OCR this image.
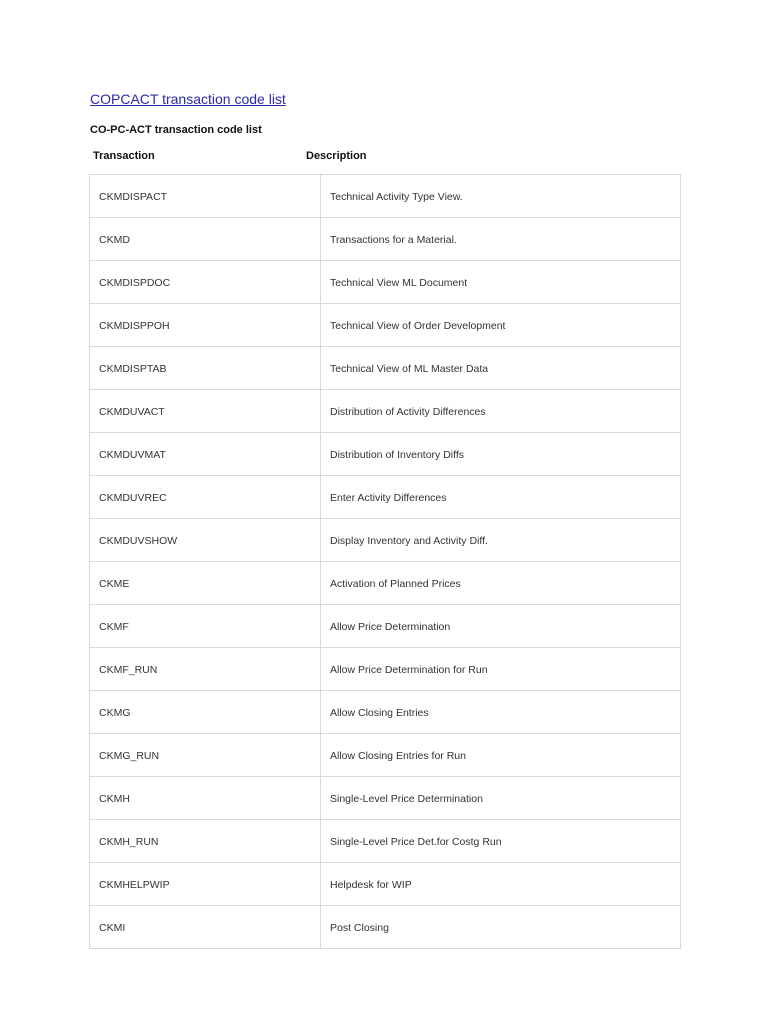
COPCACT transaction code list
CO-PC-ACT transaction code list
Transaction	Description
CKMDISPACT	Technical Activity Type View.
CKMD	Transactions for a Material.
CKMDISPDOC	Technical View ML Document
CKMDISPPOH	Technical View of Order Development
CKMDISPTAB	Technical View of ML Master Data
CKMDUVACT	Distribution of Activity Differences
CKMDUVMAT	Distribution of Inventory Diffs
CKMDUVREC	Enter Activity Differences
CKMDUVSHOW	Display Inventory and Activity Diff.
CKME	Activation of Planned Prices
CKMF	Allow Price Determination
CKMF_RUN	Allow Price Determination for Run
CKMG	Allow Closing Entries
CKMG_RUN	Allow Closing Entries for Run
CKMH	Single-Level Price Determination
CKMH_RUN	Single-Level Price Det.for Costg Run
CKMHELPWIP	Helpdesk for WIP
CKMI	Post Closing
